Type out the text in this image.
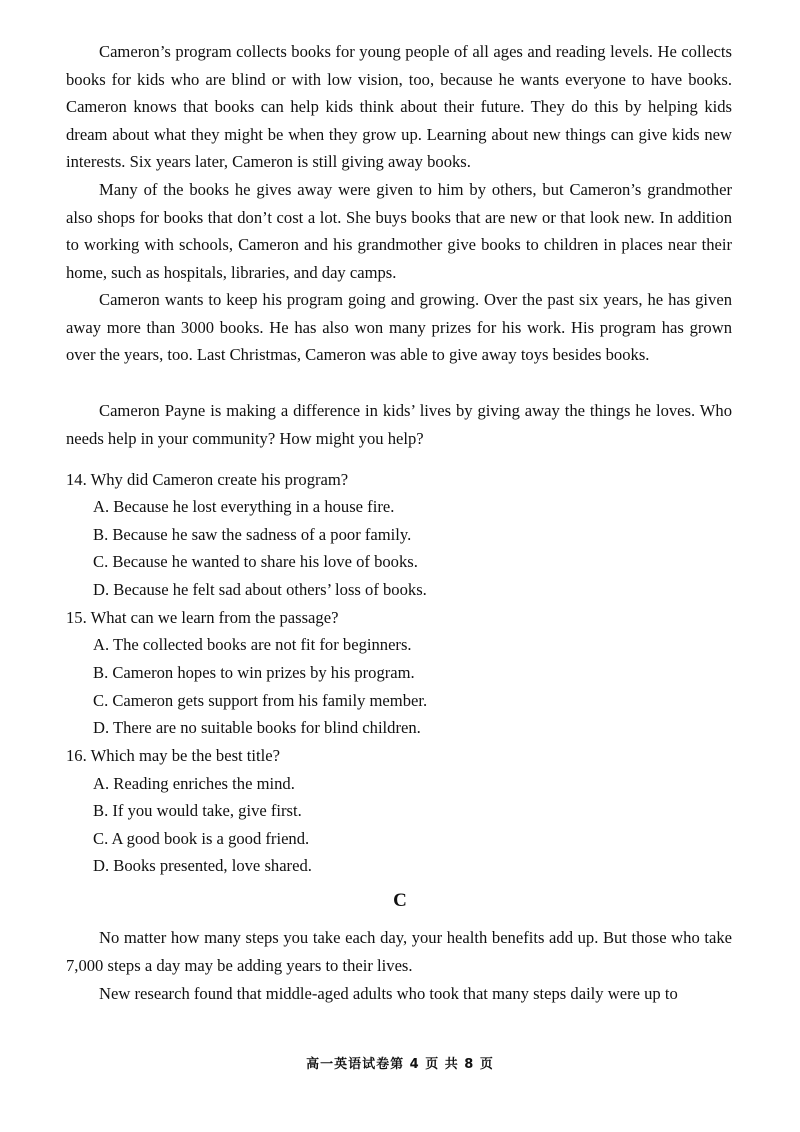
Cameron’s program collects books for young people of all ages and reading levels. He collects books for kids who are blind or with low vision, too, because he wants everyone to have books. Cameron knows that books can help kids think about their future. They do this by helping kids dream about what they might be when they grow up. Learning about new things can give kids new interests. Six years later, Cameron is still giving away books.

Many of the books he gives away were given to him by others, but Cameron’s grandmother also shops for books that don’t cost a lot. She buys books that are new or that look new. In addition to working with schools, Cameron and his grandmother give books to children in places near their home, such as hospitals, libraries, and day camps.

Cameron wants to keep his program going and growing. Over the past six years, he has given away more than 3000 books. He has also won many prizes for his work. His program has grown over the years, too. Last Christmas, Cameron was able to give away toys besides books.

Cameron Payne is making a difference in kids’ lives by giving away the things he loves. Who needs help in your community? How might you help?

14. Why did Cameron create his program?

A. Because he lost everything in a house fire.

B. Because he saw the sadness of a poor family.

C. Because he wanted to share his love of books.

D. Because he felt sad about others’ loss of books.

15. What can we learn from the passage?

A. The collected books are not fit for beginners.

B. Cameron hopes to win prizes by his program.

C. Cameron gets support from his family member.

D. There are no suitable books for blind children.

16. Which may be the best title?

A. Reading enriches the mind.

B. If you would take, give first.

C. A good book is a good friend.

D. Books presented, love shared.

C

No matter how many steps you take each day, your health benefits add up. But those who take 7,000 steps a day may be adding years to their lives.

New research found that middle-aged adults who took that many steps daily were up to

高一英语试卷第 4 页 共 8 页
